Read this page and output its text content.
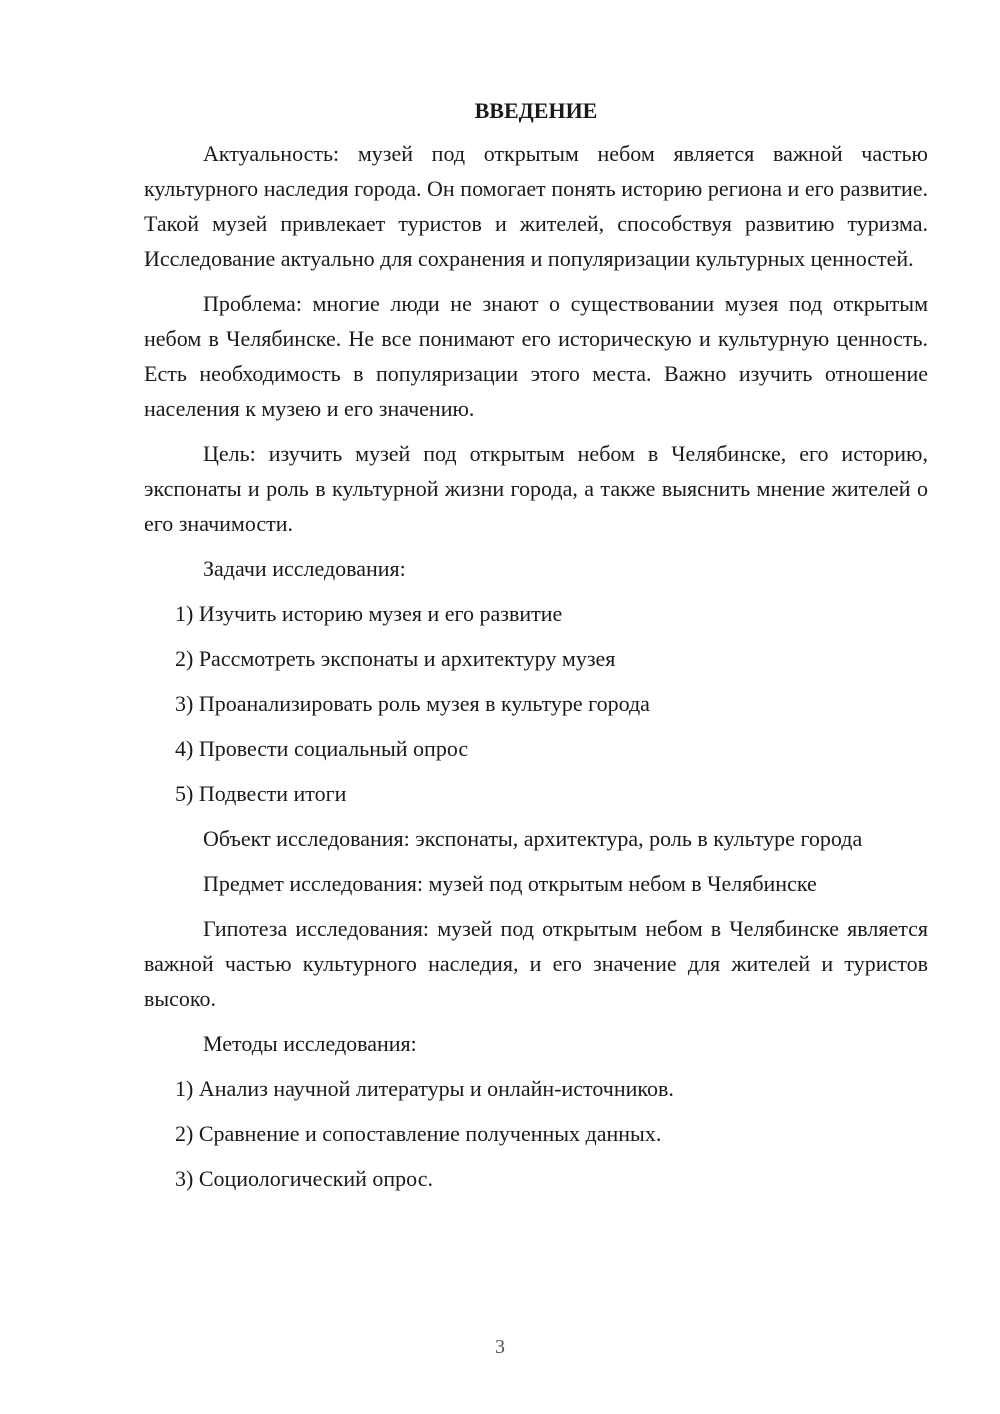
ВВЕДЕНИЕ

Актуальность: музей под открытым небом является важной частью культурного наследия города. Он помогает понять историю региона и его развитие. Такой музей привлекает туристов и жителей, способствуя развитию туризма. Исследование актуально для сохранения и популяризации культурных ценностей.

Проблема: многие люди не знают о существовании музея под открытым небом в Челябинске. Не все понимают его историческую и культурную ценность. Есть необходимость в популяризации этого места. Важно изучить отношение населения к музею и его значению.

Цель: изучить музей под открытым небом в Челябинске, его историю, экспонаты и роль в культурной жизни города, а также выяснить мнение жителей о его значимости.

Задачи исследования:

1) Изучить историю музея и его развитие
2) Рассмотреть экспонаты и архитектуру музея
3) Проанализировать роль музея в культуре города
4) Провести социальный опрос
5) Подвести итоги

Объект исследования: экспонаты, архитектура, роль в культуре города

Предмет исследования: музей под открытым небом в Челябинске

Гипотеза исследования: музей под открытым небом в Челябинске является важной частью культурного наследия, и его значение для жителей и туристов высоко.

Методы исследования:

1) Анализ научной литературы и онлайн-источников.
2) Сравнение и сопоставление полученных данных.
3) Социологический опрос.
3
